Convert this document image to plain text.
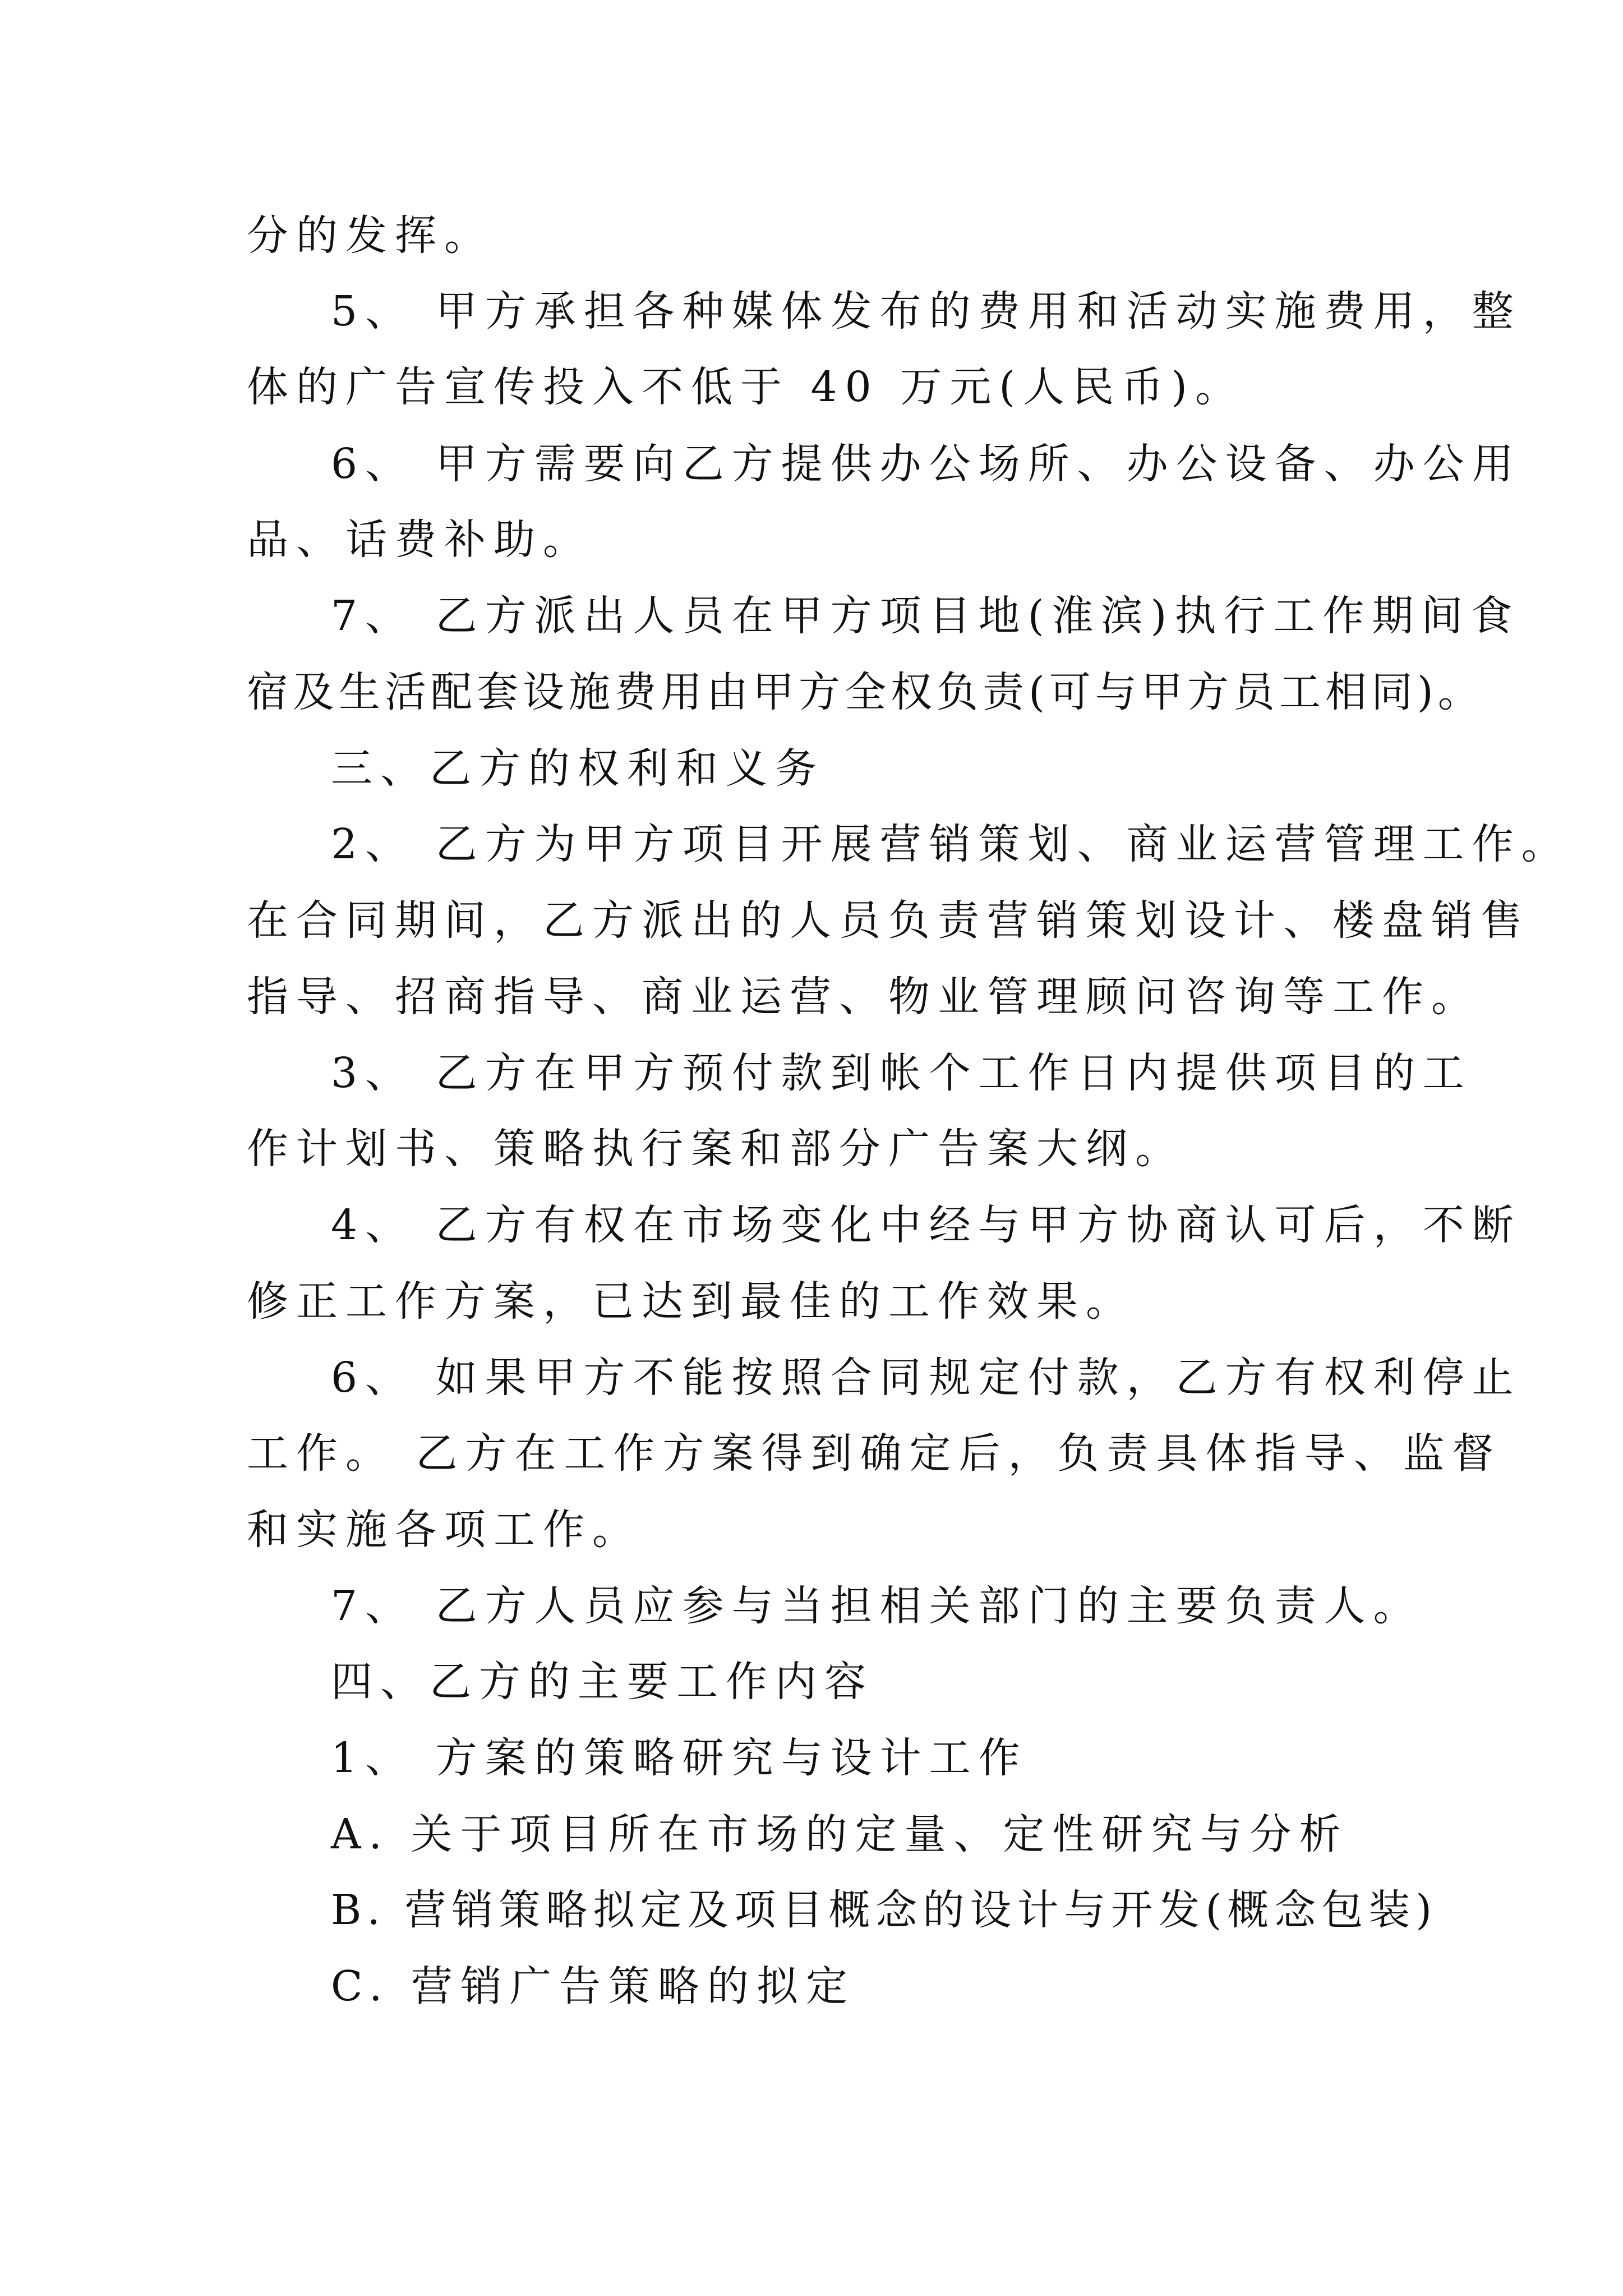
分的发挥。
5、 甲方承担各种媒体发布的费用和活动实施费用，整
体的广告宣传投入不低于 40 万元(人民币)。
6、 甲方需要向乙方提供办公场所、办公设备、办公用
品、话费补助。
7、 乙方派出人员在甲方项目地(淮滨)执行工作期间食
宿及生活配套设施费用由甲方全权负责(可与甲方员工相同)。
三、乙方的权利和义务
2、 乙方为甲方项目开展营销策划、商业运营管理工作。
在合同期间，乙方派出的人员负责营销策划设计、楼盘销售
指导、招商指导、商业运营、物业管理顾问咨询等工作。
3、 乙方在甲方预付款到帐个工作日内提供项目的工
作计划书、策略执行案和部分广告案大纲。
4、 乙方有权在市场变化中经与甲方协商认可后，不断
修正工作方案，已达到最佳的工作效果。
6、 如果甲方不能按照合同规定付款，乙方有权利停止
工作。 乙方在工作方案得到确定后，负责具体指导、监督
和实施各项工作。
7、 乙方人员应参与当担相关部门的主要负责人。
四、乙方的主要工作内容
1、 方案的策略研究与设计工作
A. 关于项目所在市场的定量、定性研究与分析
B. 营销策略拟定及项目概念的设计与开发(概念包装)
C. 营销广告策略的拟定
